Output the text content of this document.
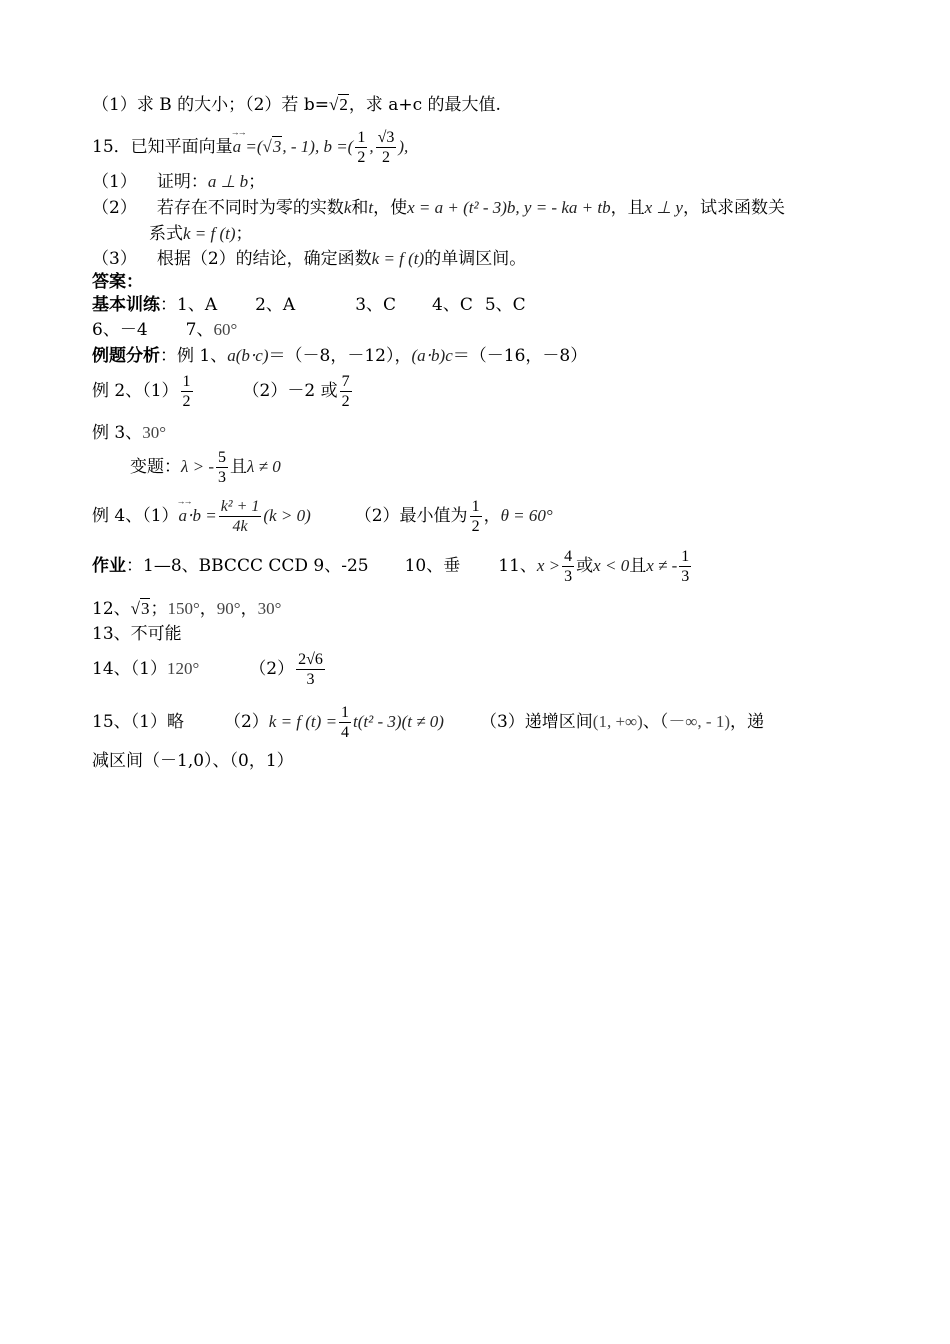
（1）求 B 的大小；（2）若 b=√2，求 a+c 的最大值.
15．已知平面向量→→ a =(√3, - 1), b =( $\frac{1}{2}$ , $\frac{√3}{2}$ ),
（1） 证明：a ⊥ b；
（2） 若存在不同时为零的实数k和t，使x = a + (t² - 3)b, y = - ka + tb，且x ⊥ y，试求函数关
系式k = f (t)；
（3） 根据（2）的结论，确定函数k = f (t)的单调区间。
答案：
基本训练：1、A 2、A	3、C 4、C 5、C
6、－4 7、60°
例题分析：例 1、a(b⋅c)＝（－8，－12），(a⋅b)c＝（－16，－8）
例 2、$(1) \frac{1}{2}$	（2）－2 或 $\frac{7}{2}$
例 3、30°
变题：λ > - $\frac{5}{3}$ 且λ ≠ 0
例 4、$(1)\to\to a\cdot b = \frac{\text{k² + 1}}{4k} (k > 0)$	（2）最小值为 $\frac{1}{2}$ ，θ = 60°
作业：1—8、BBCCC CCD 9、-25 10、垂 11、$x > \frac{4}{3}$ 或x < 0且x ≠ - $\frac{1}{3}$
12、√3；150°，90°，30°
13、不可能
14、（1）120°	$(2) \frac{2√6}{3}$
15、（1）略 （2）k = f $(t) = \frac{1}{4} t(t^2 - 3)(t \ne 0)$ （3）递增区间(1, +∞)、（－∞, - 1)，递
减区间（－1,0）、（0，1）
